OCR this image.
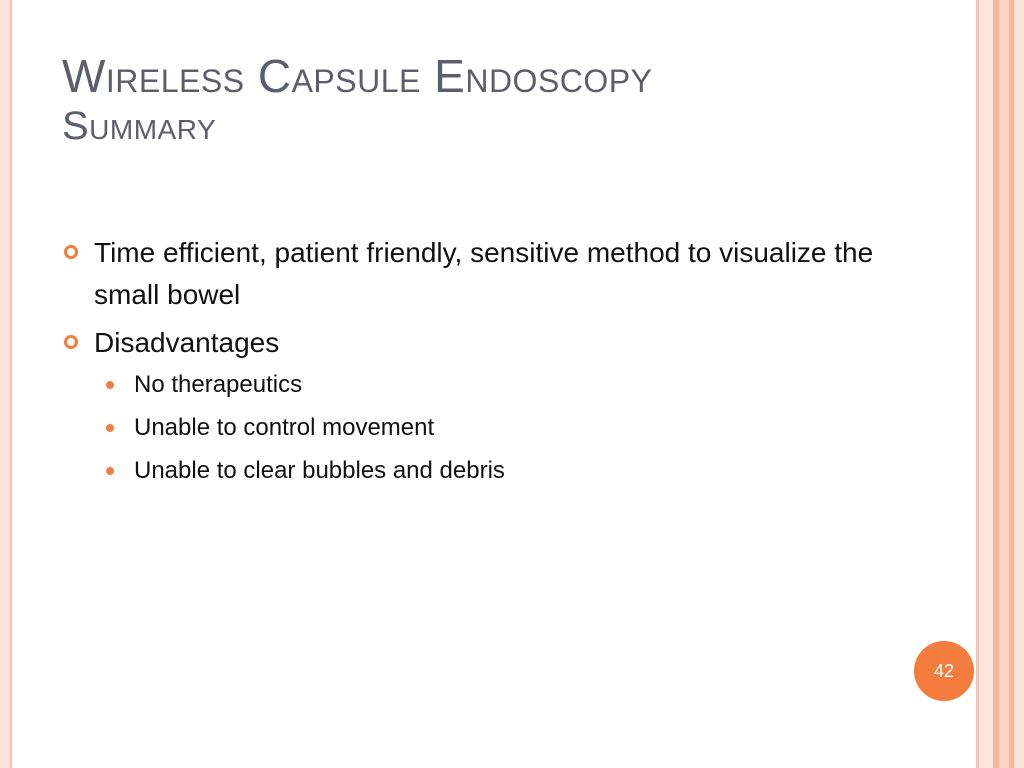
Wireless Capsule Endoscopy
Summary
Time efficient, patient friendly, sensitive method to visualize the small bowel
Disadvantages
No therapeutics
Unable to control movement
Unable to clear bubbles and debris
42
